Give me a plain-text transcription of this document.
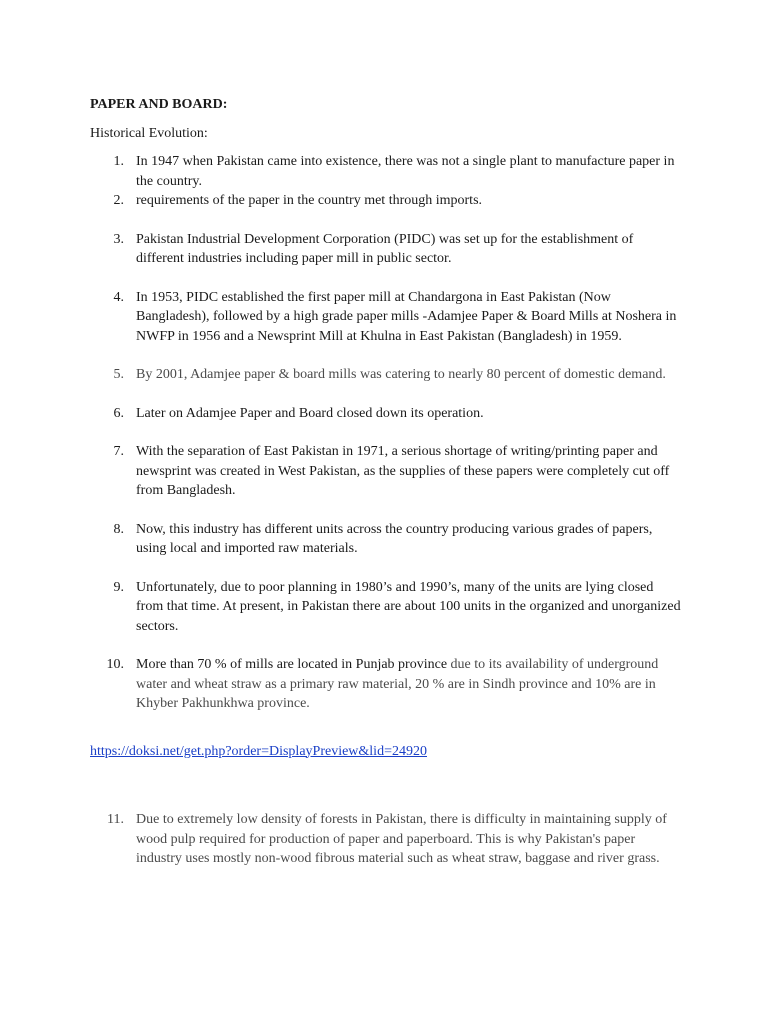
PAPER AND BOARD:

Historical Evolution:

1. In 1947 when Pakistan came into existence, there was not a single plant to manufacture paper in the country.
2. requirements of the paper in the country met through imports.
3. Pakistan Industrial Development Corporation (PIDC) was set up for the establishment of different industries including paper mill in public sector.
4. In 1953, PIDC established the first paper mill at Chandargona in East Pakistan (Now Bangladesh), followed by a high grade paper mills -Adamjee Paper & Board Mills at Noshera in NWFP in 1956 and a Newsprint Mill at Khulna in East Pakistan (Bangladesh) in 1959.
5. By 2001, Adamjee paper & board mills was catering to nearly 80 percent of domestic demand.
6. Later on Adamjee Paper and Board closed down its operation.
7. With the separation of East Pakistan in 1971, a serious shortage of writing/printing paper and newsprint was created in West Pakistan, as the supplies of these papers were completely cut off from Bangladesh.
8. Now, this industry has different units across the country producing various grades of papers, using local and imported raw materials.
9. Unfortunately, due to poor planning in 1980’s and 1990’s, many of the units are lying closed from that time. At present, in Pakistan there are about 100 units in the organized and unorganized sectors.
10. More than 70 % of mills are located in Punjab province due to its availability of underground water and wheat straw as a primary raw material, 20 % are in Sindh province and 10% are in Khyber Pakhunkhwa province.
https://doksi.net/get.php?order=DisplayPreview&lid=24920
11. Due to extremely low density of forests in Pakistan, there is difficulty in maintaining supply of wood pulp required for production of paper and paperboard. This is why Pakistan's paper industry uses mostly non-wood fibrous material such as wheat straw, baggase and river grass.
